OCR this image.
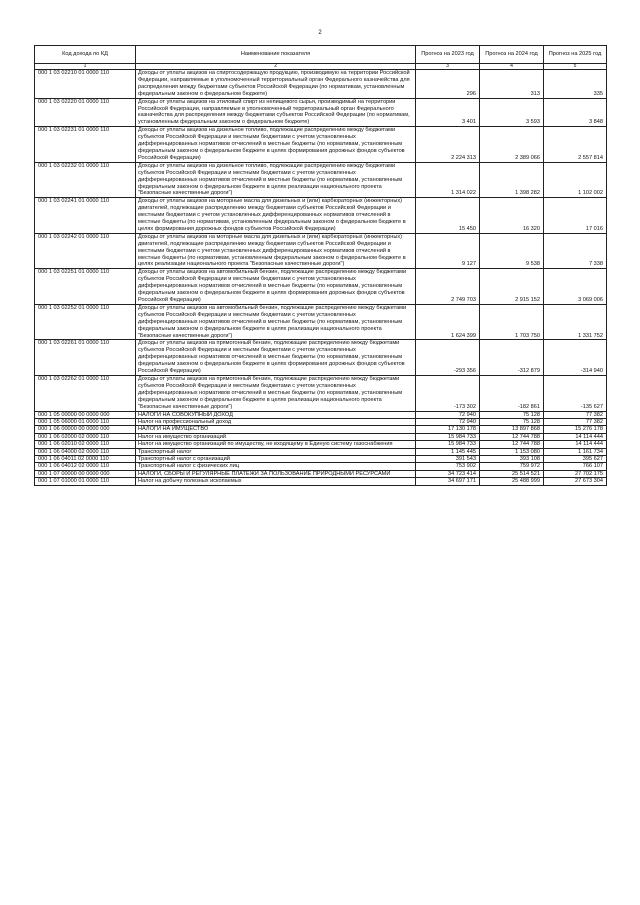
2
Код дохода по КД	Наименование показателя	Прогноз на 2023 год	Прогноз на 2024 год	Прогноз на 2025 год
1	2	3	4	5
000 1 03 02210 01 0000 110	Доходы от уплаты акцизов на спиртосодержащую продукцию, производимую на территории Российской Федерации, направляемые в уполномоченный территориальный орган Федерального казначейства для распределения между бюджетами субъектов Российской Федерации (по нормативам, установленным федеральным законом о федеральном бюджете)	296	313	335
000 1 03 02220 01 0000 110	Доходы от уплаты акцизов на этиловый спирт из непищевого сырья, производимый на территории Российской Федерации, направляемые в уполномоченный территориальный орган Федерального казначейства для распределения между бюджетами субъектов Российской Федерации (по нормативам, установленным федеральным законом о федеральном бюджете)	3 401	3 593	3 848
000 1 03 02231 01 0000 110	Доходы от уплаты акцизов на дизельное топливо, подлежащие распределению между бюджетами субъектов Российской Федерации и местными бюджетами с учетом установленных дифференцированных нормативов отчислений в местные бюджеты (по нормативам, установленным федеральным законом о федеральном бюджете в целях формирования дорожных фондов субъектов Российской Федерации)	2 224 313	2 389 066	2 557 814
000 1 03 02232 01 0000 110	Доходы от уплаты акцизов на дизельное топливо, подлежащие распределению между бюджетами субъектов Российской Федерации и местными бюджетами с учетом установленных дифференцированных нормативов отчислений в местные бюджеты (по нормативам, установленным федеральным законом о федеральном бюджете в целях реализации национального проекта "Безопасные качественные дороги")	1 314 022	1 398 282	1 102 002
000 1 03 02241 01 0000 110	Доходы от уплаты акцизов на моторные масла для дизельных и (или) карбюраторных (инжекторных) двигателей, подлежащие распределению между бюджетами субъектов Российской Федерации и местными бюджетами с учетом установленных дифференцированных нормативов отчислений в местные бюджеты (по нормативам, установленным федеральным законом о федеральном бюджете в целях формирования дорожных фондов субъектов Российской Федерации)	15 450	16 320	17 016
000 1 03 02242 01 0000 110	Доходы от уплаты акцизов на моторные масла для дизельных и (или) карбюраторных (инжекторных) двигателей, подлежащие распределению между бюджетами субъектов Российской Федерации и местными бюджетами с учетом установленных дифференцированных нормативов отчислений в местные бюджеты (по нормативам, установленным федеральным законом о федеральном бюджете в целях реализации национального проекта "Безопасные качественные дороги")	9 127	9 538	7 338
000 1 03 02251 01 0000 110	Доходы от уплаты акцизов на автомобильный бензин, подлежащие распределению между бюджетами субъектов Российской Федерации и местными бюджетами с учетом установленных дифференцированных нормативов отчислений в местные бюджеты (по нормативам, установленным федеральным законом о федеральном бюджете в целях формирования дорожных фондов субъектов Российской Федерации)	2 749 703	2 915 152	3 069 006
000 1 03 02252 01 0000 110	Доходы от уплаты акцизов на автомобильный бензин, подлежащие распределению между бюджетами субъектов Российской Федерации и местными бюджетами с учетом установленных дифференцированных нормативов отчислений в местные бюджеты (по нормативам, установленным федеральным законом о федеральном бюджете в целях реализации национального проекта "Безопасные качественные дороги")	1 624 399	1 703 750	1 331 752
000 1 03 02261 01 0000 110	Доходы от уплаты акцизов на прямогонный бензин, подлежащие распределению между бюджетами субъектов Российской Федерации и местными бюджетами с учетом установленных дифференцированных нормативов отчислений в местные бюджеты (по нормативам, установленным федеральным законом о федеральном бюджете в целях формирования дорожных фондов субъектов Российской Федерации)	-293 356	-312 879	-314 940
000 1 03 02262 01 0000 110	Доходы от уплаты акцизов на прямогонный бензин, подлежащие распределению между бюджетами субъектов Российской Федерации и местными бюджетами с учетом установленных дифференцированных нормативов отчислений в местные бюджеты (по нормативам, установленным федеральным законом о федеральном бюджете в целях реализации национального проекта "Безопасные качественные дороги")	-173 302	-182 861	-135 627
000 1 05 00000 00 0000 000	НАЛОГИ НА СОВОКУПНЫЙ ДОХОД	72 940	75 128	77 382
000 1 05 06000 01 0000 110	Налог на профессиональный доход	72 940	75 128	77 382
000 1 06 00000 00 0000 000	НАЛОГИ НА ИМУЩЕСТВО	17 130 178	13 897 868	15 276 178
000 1 06 02000 02 0000 110	Налог на имущество организаций	15 984 733	12 744 788	14 114 444
000 1 06 02010 02 0000 110	Налог на имущество организаций по имуществу, не входящему в Единую систему газоснабжения	15 984 733	12 744 788	14 114 444
000 1 06 04000 02 0000 110	Транспортный налог	1 145 445	1 153 080	1 161 734
000 1 06 04011 02 0000 110	Транспортный налог с организаций	391 543	393 108	395 627
000 1 06 04012 02 0000 110	Транспортный налог с физических лиц	753 902	759 972	766 107
000 1 07 00000 00 0000 000	НАЛОГИ, СБОРЫ И РЕГУЛЯРНЫЕ ПЛАТЕЖИ ЗА ПОЛЬЗОВАНИЕ ПРИРОДНЫМИ РЕСУРСАМИ	34 723 414	25 514 521	27 702 175
000 1 07 01000 01 0000 110	Налог на добычу полезных ископаемых	34 697 171	25 488 999	27 673 304
